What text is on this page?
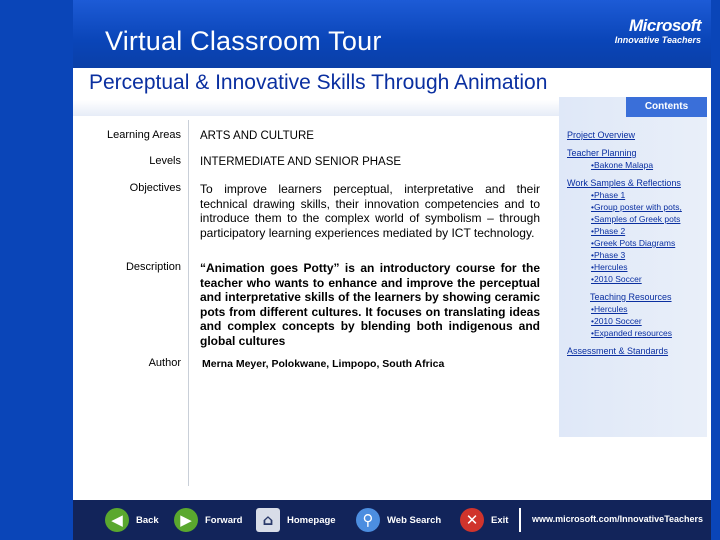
Virtual Classroom Tour
Microsoft
Innovative Teachers
Perceptual & Innovative Skills Through Animation
Learning Areas ARTS AND CULTURE
Levels INTERMEDIATE AND SENIOR PHASE
Objectives To improve learners perceptual, interpretative and their technical drawing skills, their innovation competencies and to introduce them to the complex world of symbolism – through participatory learning experiences mediated by ICT technology.
Description “Animation goes Potty” is an introductory course for the teacher who wants to enhance and improve the perceptual and interpretative skills of the learners by showing ceramic pots from different cultures. It focuses on translating ideas and complex concepts by blending both indigenous and global cultures
Author Merna Meyer, Polokwane, Limpopo, South Africa
Contents
Project Overview
Teacher Planning
•Bakone Malapa
Work Samples & Reflections
•Phase 1
•Group poster with pots,
•Samples of Greek pots
•Phase 2
•Greek Pots Diagrams
•Phase 3
•Hercules
•2010 Soccer
Teaching Resources
•Hercules
•2010 Soccer
•Expanded resources
Assessment & Standards
◀	Back	▶	Forward	⌂	Homepage	⚲	Web Search	✕	Exit	www.microsoft.com/InnovativeTeachers
